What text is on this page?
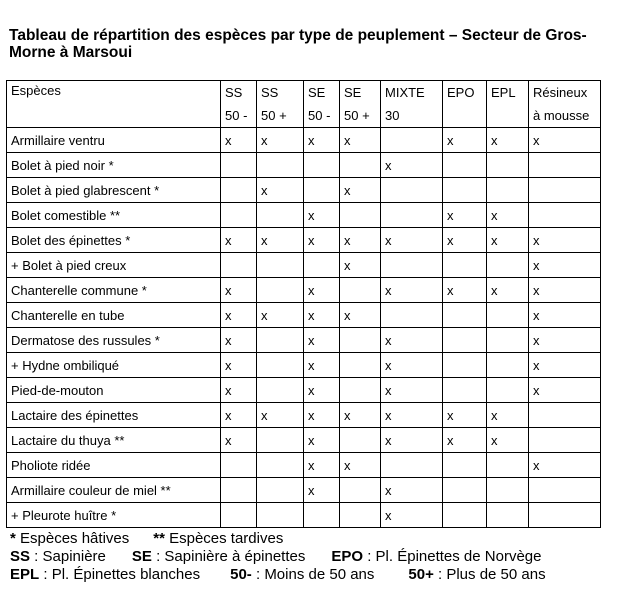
Tableau de répartition des espèces par type de peuplement – Secteur de Gros-Morne à Marsoui
Espèces	SS	SS	SE	SE	MIXTE	EPO	EPL	Résineux
	50 -	50 +	50 -	50 +	30			à mousse
Armillaire ventru	x	x	x	x		x	x	x
Bolet à pied noir *					x			
Bolet à pied glabrescent *		x		x				
Bolet comestible **			x			x	x	
Bolet des épinettes *	x	x	x	x	x	x	x	x
+ Bolet à pied creux				x				x
Chanterelle commune *	x		x		x	x	x	x
Chanterelle en tube	x	x	x	x				x
Dermatose des russules *	x		x		x			x
+ Hydne ombiliqué	x		x		x			x
Pied-de-mouton	x		x		x			x
Lactaire des épinettes	x	x	x	x	x	x	x	
Lactaire du thuya **	x		x		x	x	x	
Pholiote ridée			x	x				x
Armillaire couleur de miel **			x		x			
+ Pleurote huître *					x			
* Espèces hâtives ** Espèces tardives
SS : Sapinière SE : Sapinière à épinettes EPO : Pl. Épinettes de Norvège
EPL : Pl. Épinettes blanches 50- : Moins de 50 ans 50+ : Plus de 50 ans
